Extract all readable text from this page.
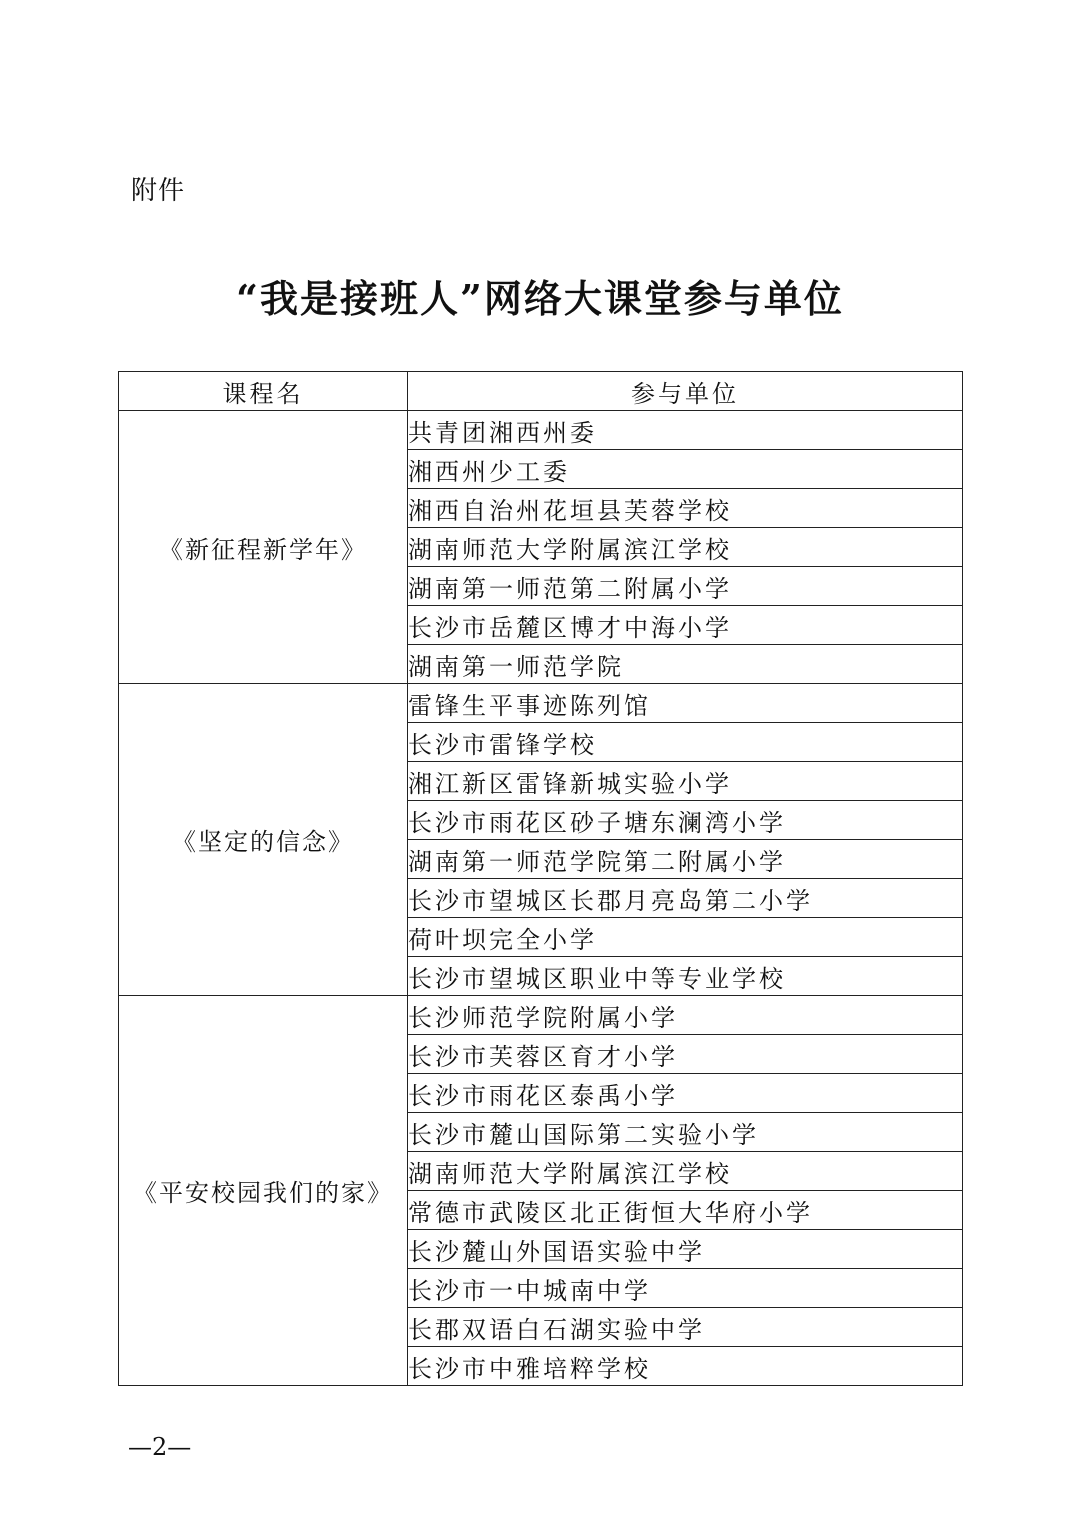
附件
“我是接班人”网络大课堂参与单位
课程名	参与单位
《新征程新学年》	共青团湘西州委
	湘西州少工委
	湘西自治州花垣县芙蓉学校
	湖南师范大学附属滨江学校
	湖南第一师范第二附属小学
	长沙市岳麓区博才中海小学
	湖南第一师范学院
《坚定的信念》	雷锋生平事迹陈列馆
	长沙市雷锋学校
	湘江新区雷锋新城实验小学
	长沙市雨花区砂子塘东澜湾小学
	湖南第一师范学院第二附属小学
	长沙市望城区长郡月亮岛第二小学
	荷叶坝完全小学
	长沙市望城区职业中等专业学校
《平安校园我们的家》	长沙师范学院附属小学
	长沙市芙蓉区育才小学
	长沙市雨花区泰禹小学
	长沙市麓山国际第二实验小学
	湖南师范大学附属滨江学校
	常德市武陵区北正街恒大华府小学
	长沙麓山外国语实验中学
	长沙市一中城南中学
	长郡双语白石湖实验中学
	长沙市中雅培粹学校
—2—
